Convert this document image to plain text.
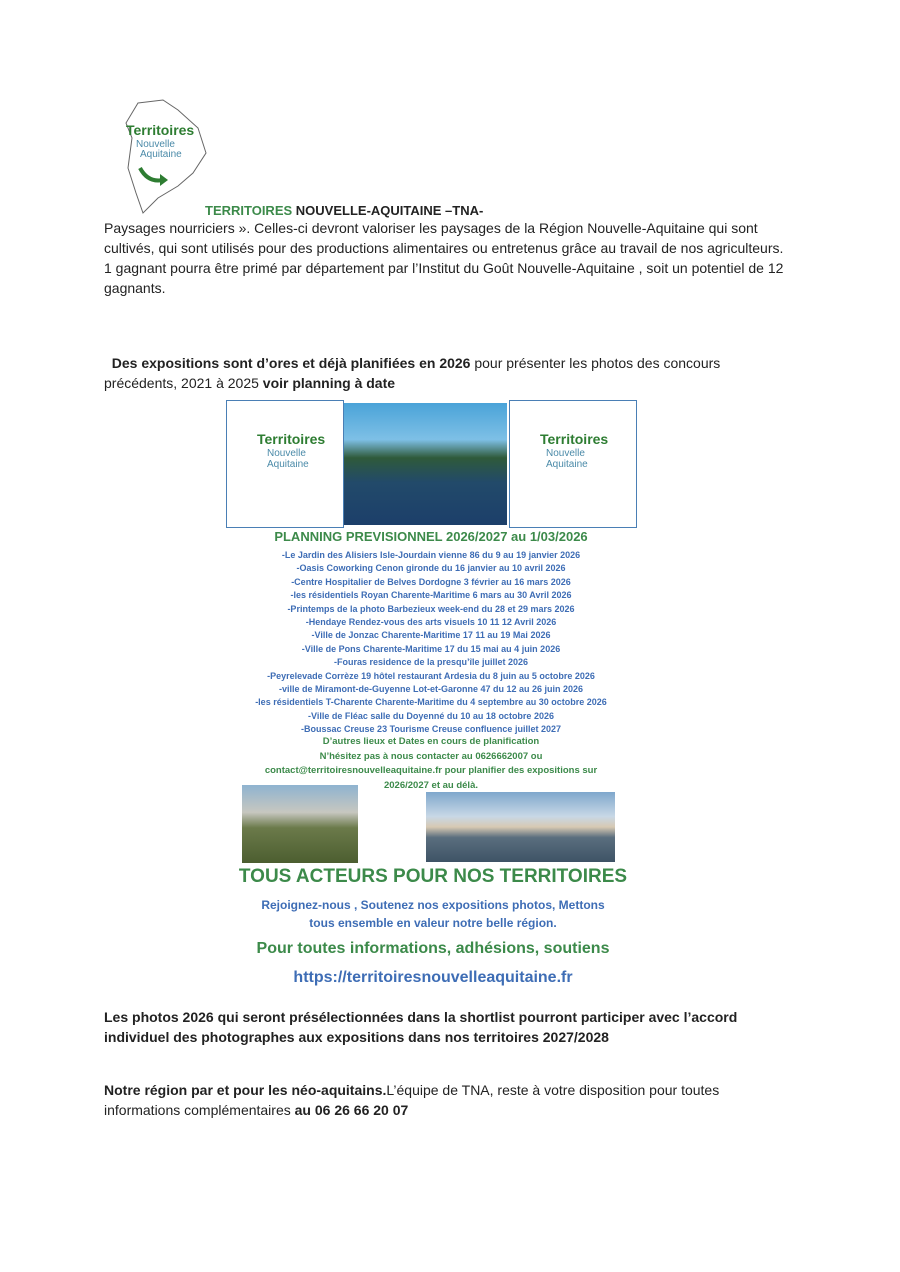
Territoires
Nouvelle
Aquitaine
TERRITOIRES NOUVELLE-AQUITAINE –TNA-
Paysages nourriciers ». Celles-ci devront valoriser les paysages de la Région Nouvelle-Aquitaine qui sont cultivés, qui sont utilisés pour des productions alimentaires ou entretenus grâce au travail de nos agriculteurs.
1 gagnant pourra être primé par département par l’Institut du Goût Nouvelle-Aquitaine , soit un potentiel de 12 gagnants.
Des expositions sont d’ores et déjà planifiées en 2026 pour présenter les photos des concours précédents, 2021 à 2025 voir planning à date
Territoires
Nouvelle
Aquitaine
Territoires
Nouvelle
Aquitaine
PLANNING PREVISIONNEL 2026/2027 au 1/03/2026
-Le Jardin des Alisiers Isle-Jourdain vienne 86 du 9 au 19 janvier 2026
-Oasis Coworking Cenon gironde du 16 janvier au 10 avril 2026
-Centre Hospitalier de Belves Dordogne 3 février au 16 mars 2026
-les résidentiels Royan Charente-Maritime 6 mars au 30 Avril 2026
-Printemps de la photo Barbezieux week-end du 28 et 29 mars 2026
-Hendaye Rendez-vous des arts visuels 10 11 12 Avril 2026
-Ville de Jonzac Charente-Maritime 17 11 au 19 Mai 2026
-Ville de Pons Charente-Maritime 17 du 15 mai au 4 juin 2026
-Fouras residence de la presqu’île juillet 2026
-Peyrelevade Corrèze 19 hôtel restaurant Ardesia du 8 juin au 5 octobre 2026
-ville de Miramont-de-Guyenne Lot-et-Garonne 47 du 12 au 26 juin 2026
-les résidentiels T-Charente Charente-Maritime du 4 septembre au 30 octobre 2026
-Ville de Fléac salle du Doyenné du 10 au 18 octobre 2026
-Boussac Creuse 23 Tourisme Creuse confluence juillet 2027
D’autres lieux et Dates en cours de planification
N’hésitez pas à nous contacter au 0626662007 ou
contact@territoiresnouvelleaquitaine.fr pour planifier des expositions sur
2026/2027 et au délà.
TOUS ACTEURS POUR NOS TERRITOIRES
Rejoignez-nous , Soutenez nos expositions photos, Mettons
tous ensemble en valeur notre belle région.
Pour toutes informations, adhésions, soutiens
https://territoiresnouvelleaquitaine.fr
Les photos 2026 qui seront présélectionnées dans la shortlist pourront participer avec l’accord individuel des photographes aux expositions dans nos territoires 2027/2028
Notre région par et pour les néo-aquitains.L’équipe de TNA, reste à votre disposition pour toutes informations complémentaires au 06 26 66 20 07
